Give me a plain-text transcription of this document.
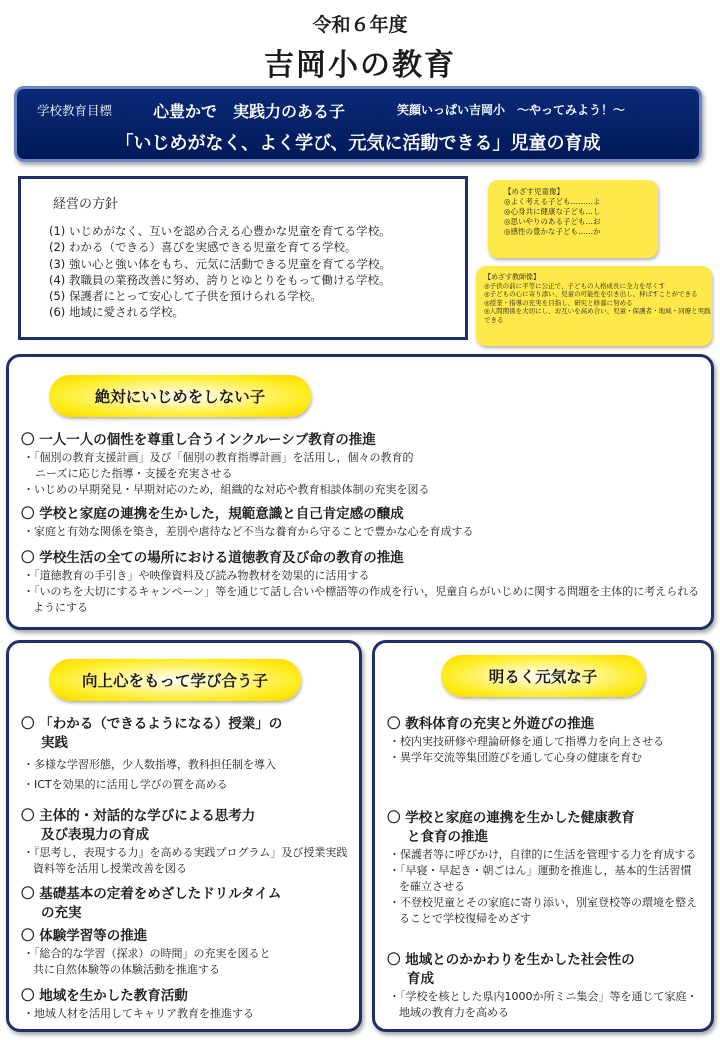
令和６年度
吉岡小の教育
学校教育目標	心豊かで　実践力のある子	笑顔いっぱい吉岡小　～やってみよう！～
「いじめがなく、よく学び、元気に活動できる」児童の育成
経営の方針
(1) いじめがなく、互いを認め合える心豊かな児童を育てる学校。
(2) わかる（できる）喜びを実感できる児童を育てる学校。
(3) 強い心と強い体をもち、元気に活動できる児童を育てる学校。
(4) 教職員の業務改善に努め、誇りとゆとりをもって働ける学校。
(5) 保護者にとって安心して子供を預けられる学校。
(6) 地域に愛される学校。
【めざす児童像】
◎よく考える子ども………よ
◎心身共に健康な子ども…し
◎思いやりのある子ども…お
◎感性の豊かな子ども……か
【めざす教師像】
◎子供の前に平等に公正で、子どもの人格成長に全力を尽くす
◎子どもの心に寄り添い、児童の可能性を引き出し、伸ばすことができる
◎授業・指導の充実を目指し、研究と修養に努める
◎人間関係を大切にし、お互いを高め合い、児童・保護者・地域・同僚と実践できる
絶対にいじめをしない子
〇 一人一人の個性を尊重し合うインクルーシブ教育の推進
・「個別の教育支援計画」及び「個別の教育指導計画」を活用し，個々の教育的
ニーズに応じた指導・支援を充実させる
・いじめの早期発見・早期対応のため，組織的な対応や教育相談体制の充実を図る
〇 学校と家庭の連携を生かした，規範意識と自己肯定感の醸成
・家庭と有効な関係を築き，差別や虐待など不当な養育から守ることで豊かな心を育成する
〇 学校生活の全ての場所における道徳教育及び命の教育の推進
・「道徳教育の手引き」や映像資料及び読み物教材を効果的に活用する
・「いのちを大切にするキャンペーン」等を通じて話し合いや標語等の作成を行い，児童自らがいじめに関する問題を主体的に考えられるようにする
向上心をもって学び合う子
〇 「わかる（できるようになる）授業」の
実践
・多様な学習形態，少人数指導，教科担任制を導入
・ICTを効果的に活用し学びの質を高める
〇 主体的・対話的な学びによる思考力
及び表現力の育成
・『思考し，表現する力』を高める実践プログラム」及び授業実践資料等を活用し授業改善を図る
〇 基礎基本の定着をめざしたドリルタイム
の充実
〇 体験学習等の推進
・「総合的な学習（探求）の時間」の充実を図ると
共に自然体験等の体験活動を推進する
〇 地域を生かした教育活動
・地域人材を活用してキャリア教育を推進する
明るく元気な子
〇 教科体育の充実と外遊びの推進
・校内実技研修や理論研修を通して指導力を向上させる
・異学年交流等集団遊びを通して心身の健康を育む
〇 学校と家庭の連携を生かした健康教育
と食育の推進
・保護者等に呼びかけ，自律的に生活を管理する力を育成する
・「早寝・早起き・朝ごはん」運動を推進し，基本的生活習慣を確立させる
・不登校児童とその家庭に寄り添い，別室登校等の環境を整えることで学校復帰をめざす
〇 地域とのかかわりを生かした社会性の
育成
・「学校を核とした県内1000か所ミニ集会」等を通じて家庭・地域の教育力を高める
